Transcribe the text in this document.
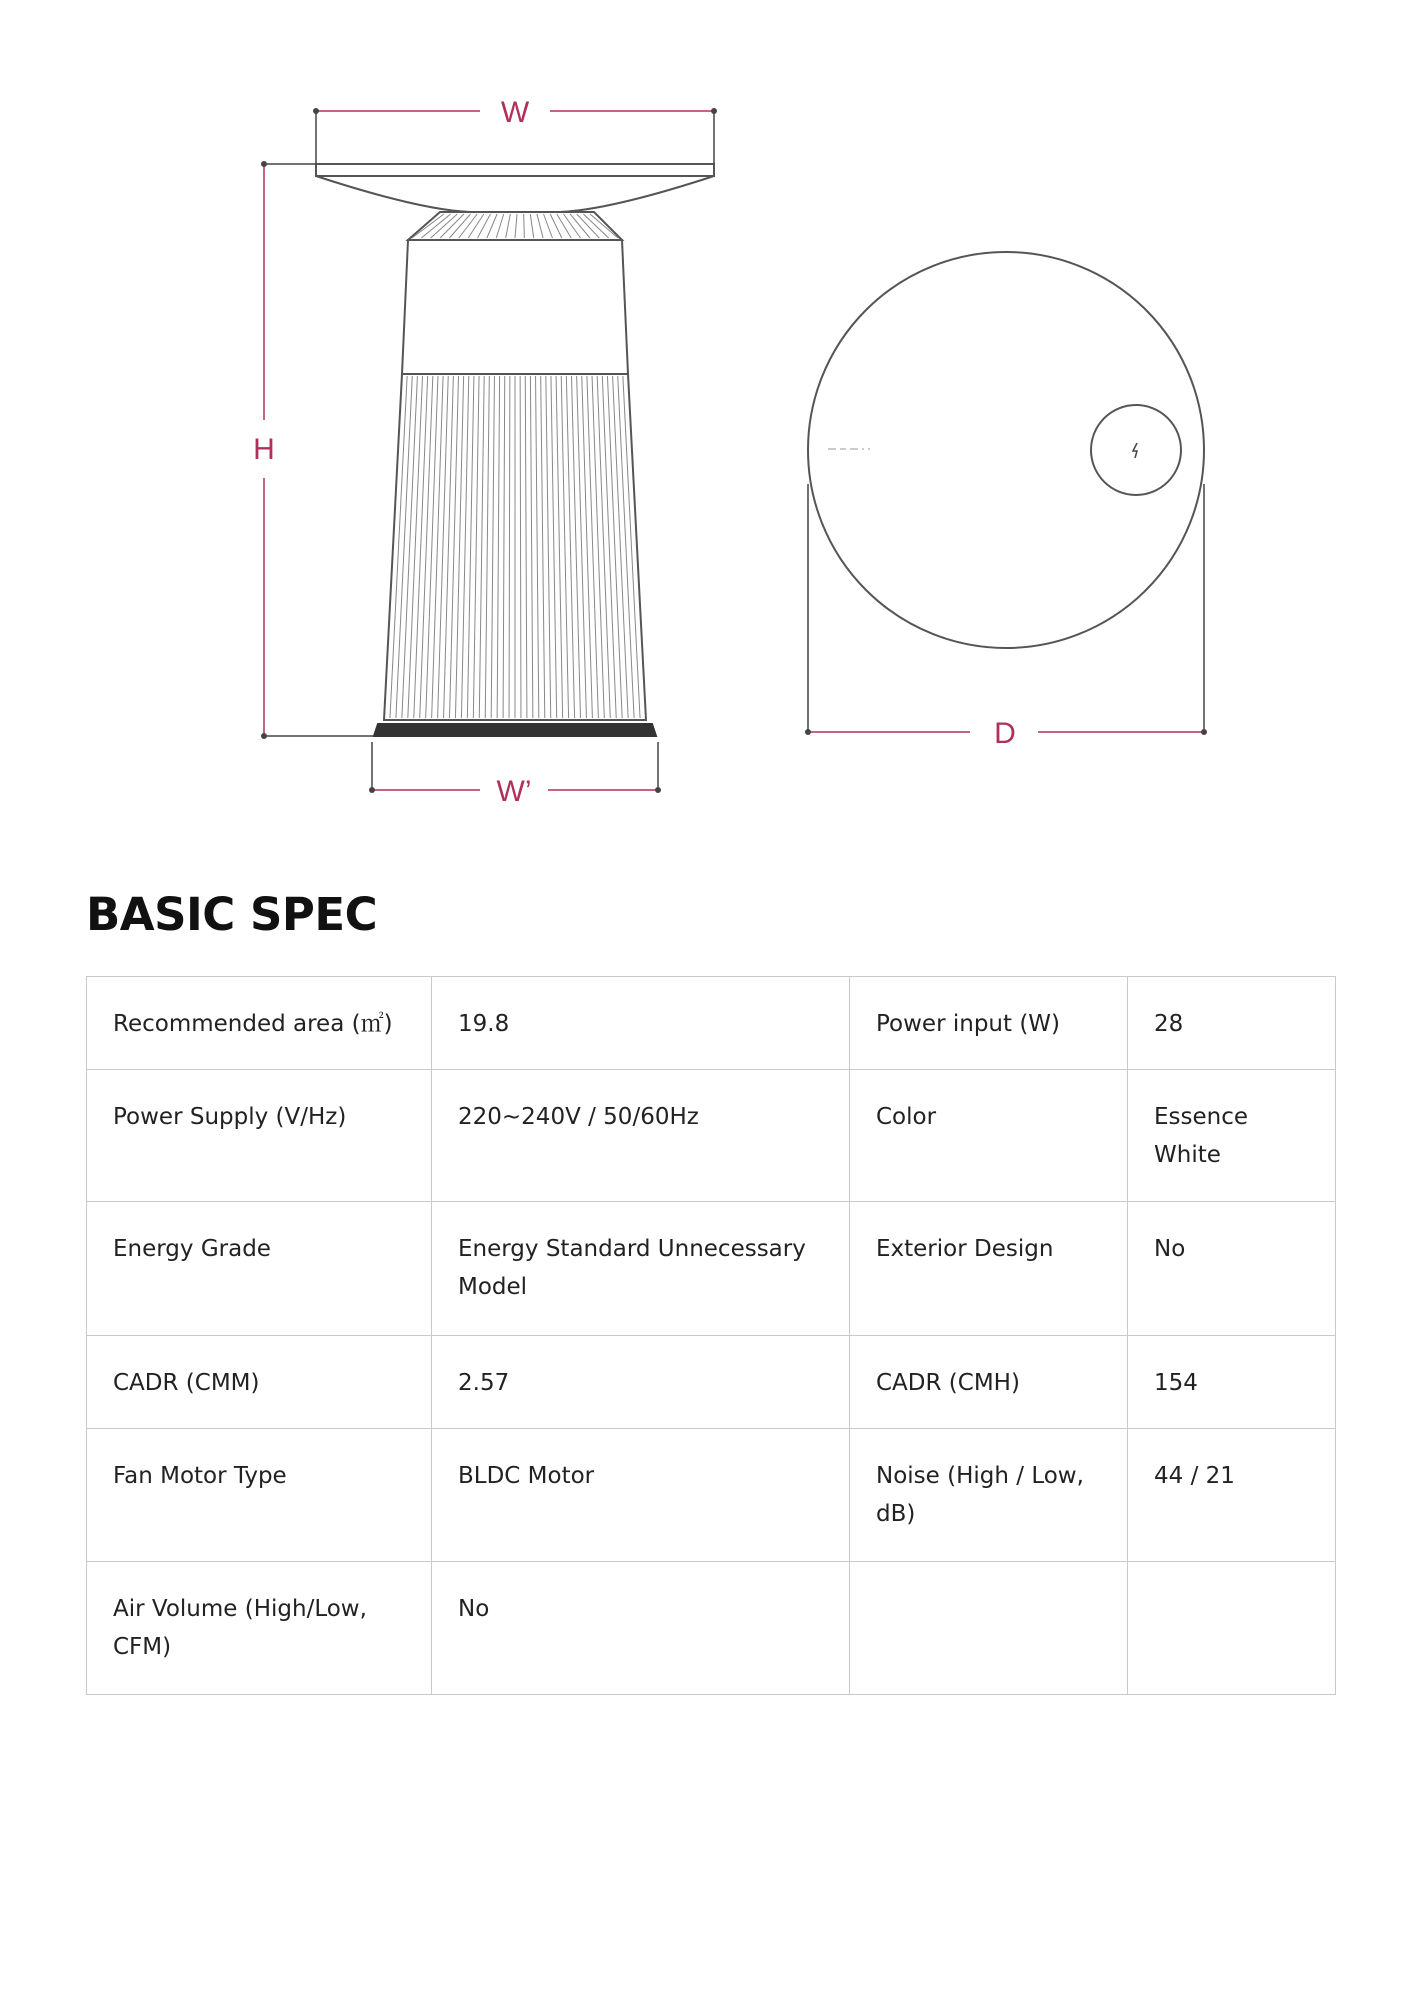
W
H
W’
D
BASIC SPEC
Recommended area (㎡)	19.8	Power input (W)	28
Power Supply (V/Hz)	220~240V / 50/60Hz	Color	Essence White
Energy Grade	Energy Standard Unnecessary Model	Exterior Design	No
CADR (CMM)	2.57	CADR (CMH)	154
Fan Motor Type	BLDC Motor	Noise (High / Low, dB)	44 / 21
Air Volume (High/Low, CFM)	No		
